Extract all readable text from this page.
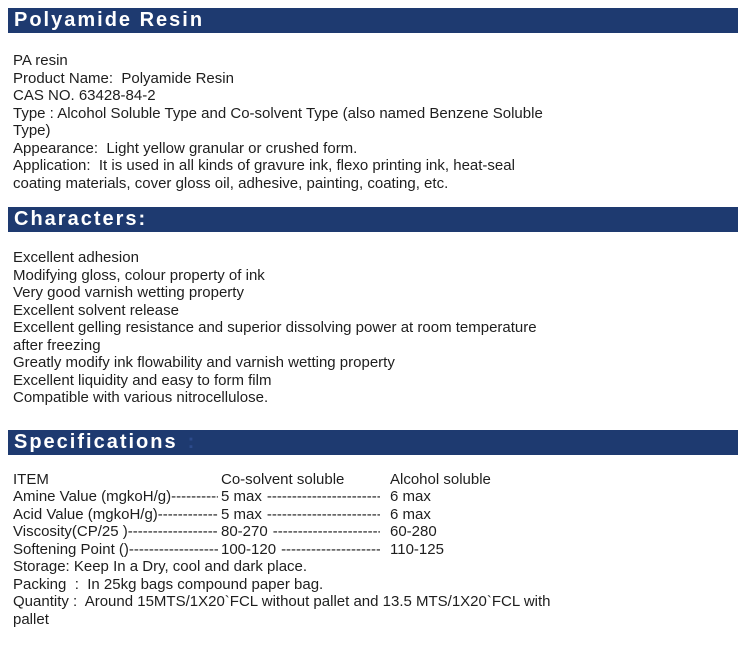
Polyamide Resin

PA resin

Product Name:  Polyamide Resin

CAS NO. 63428-84-2

Type : Alcohol Soluble Type and Co-solvent Type (also named Benzene Soluble Type)

Appearance:  Light yellow granular or crushed form.

Application:  It is used in all kinds of gravure ink, flexo printing ink, heat-seal coating materials, cover gloss oil, adhesive, painting, coating, etc.

Characters:

Excellent adhesion

Modifying gloss, colour property of ink

Very good varnish wetting property

Excellent solvent release

Excellent gelling resistance and superior dissolving power at room temperature after freezing

Greatly modify ink flowability and varnish wetting property

Excellent liquidity and easy to form film

Compatible with various nitrocellulose.

Specifications :
ITEM	Co-solvent soluble	Alcohol soluble
Amine Value (mgkoH/g) -----	5 max -----	6 max
Acid Value (mgkoH/g) -----	5 max -----	6 max
Viscosity(CP/25 ) -----	80-270 -----	60-280
Softening Point () -----	100-120 -----	110-125

Storage: Keep In a Dry, cool and dark place.

Packing  :  In 25kg bags compound paper bag.

Quantity :  Around 15MTS/1X20`FCL without pallet and 13.5 MTS/1X20`FCL with pallet
